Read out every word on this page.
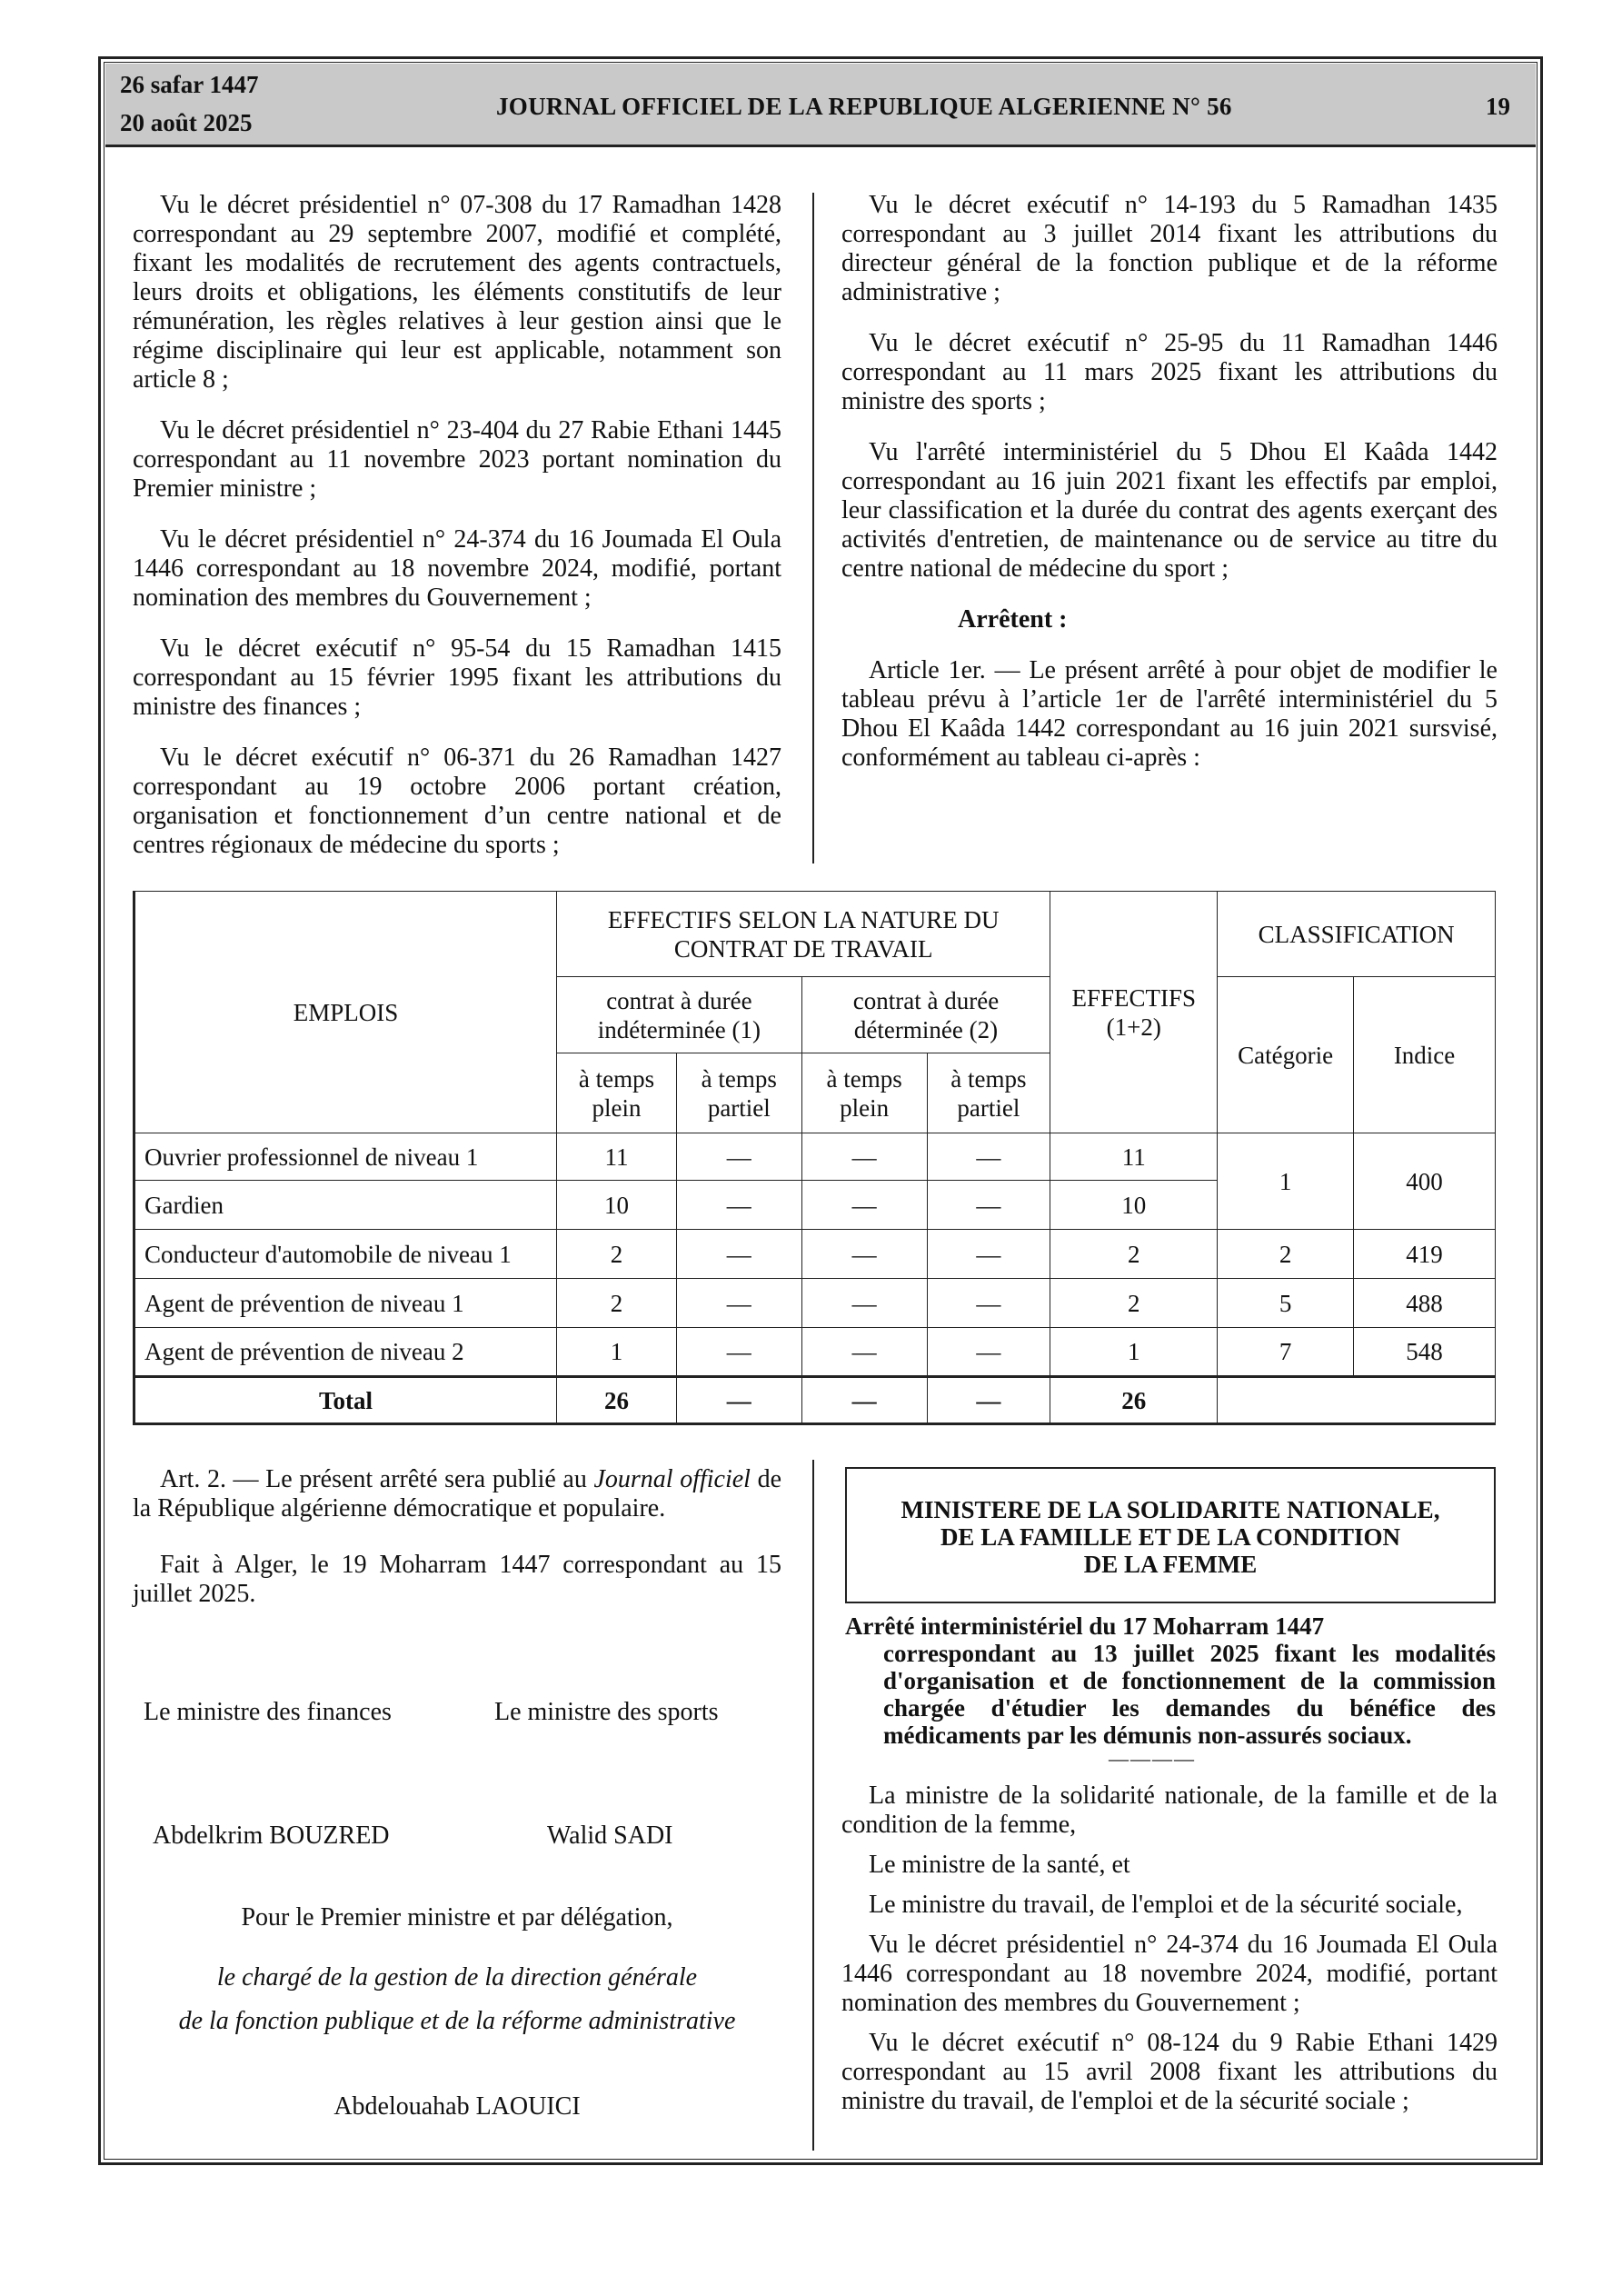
26 safar 1447
20 août 2025
JOURNAL OFFICIEL DE LA REPUBLIQUE ALGERIENNE N° 56	19

Vu le décret présidentiel n° 07-308 du 17 Ramadhan 1428 correspondant au 29 septembre 2007, modifié et complété, fixant les modalités de recrutement des agents contractuels, leurs droits et obligations, les éléments constitutifs de leur rémunération, les règles relatives à leur gestion ainsi que le régime disciplinaire qui leur est applicable, notamment son article 8 ;

Vu le décret présidentiel n° 23-404 du 27 Rabie Ethani 1445 correspondant au 11 novembre 2023 portant nomination du Premier ministre ;

Vu le décret présidentiel n° 24-374 du 16 Joumada El Oula 1446 correspondant au 18 novembre 2024, modifié, portant nomination des membres du Gouvernement ;

Vu le décret exécutif n° 95-54 du 15 Ramadhan 1415 correspondant au 15 février 1995 fixant les attributions du ministre des finances ;

Vu le décret exécutif n° 06-371 du 26 Ramadhan 1427 correspondant au 19 octobre 2006 portant création, organisation et fonctionnement d’un centre national et de centres régionaux de médecine du sports ;

Vu le décret exécutif n° 14-193 du 5 Ramadhan 1435 correspondant au 3 juillet 2014 fixant les attributions du directeur général de la fonction publique et de la réforme administrative ;

Vu le décret exécutif n° 25-95 du 11 Ramadhan 1446 correspondant au 11 mars 2025 fixant les attributions du ministre des sports ;

Vu l'arrêté interministériel du 5 Dhou El Kaâda 1442 correspondant au 16 juin 2021 fixant les effectifs par emploi, leur classification et la durée du contrat des agents exerçant des activités d'entretien, de maintenance ou de service au titre du centre national de médecine du sport ;

Arrêtent :

Article 1er. — Le présent arrêté à pour objet de modifier le tableau prévu à l’article 1er de l'arrêté interministériel du 5 Dhou El Kaâda 1442 correspondant au 16 juin 2021 sursvisé, conformément au tableau ci-après :

EMPLOIS	EFFECTIFS SELON LA NATURE DU CONTRAT DE TRAVAIL				EFFECTIFS (1+2)	CLASSIFICATION	
	contrat à durée indéterminée (1)		contrat à durée déterminée (2)			Catégorie	Indice
	à temps plein	à temps partiel	à temps plein	à temps partiel			
Ouvrier professionnel de niveau 1	11	—	—	—	11	1	400
Gardien	10	—	—	—	10		
Conducteur d'automobile de niveau 1	2	—	—	—	2	2	419
Agent de prévention de niveau 1	2	—	—	—	2	5	488
Agent de prévention de niveau 2	1	—	—	—	1	7	548
Total	26	—	—	—	26		

Art. 2. — Le présent arrêté sera publié au Journal officiel de la République algérienne démocratique et populaire.

Fait à Alger, le 19 Moharram 1447 correspondant au 15 juillet 2025.

Le ministre des finances	Le ministre des sports
Abdelkrim BOUZRED	Walid SADI
Pour le Premier ministre et par délégation,
le chargé de la gestion de la direction générale
de la fonction publique et de la réforme administrative
Abdelouahab LAOUICI
MINISTERE DE LA SOLIDARITE NATIONALE,
DE LA FAMILLE ET DE LA CONDITION
DE LA FEMME
Arrêté interministériel du 17 Moharram 1447
correspondant au 13 juillet 2025 fixant les modalités d'organisation et de fonctionnement de la commission chargée d'étudier les demandes du bénéfice des médicaments par les démunis non-assurés sociaux.
————

La ministre de la solidarité nationale, de la famille et de la condition de la femme,

Le ministre de la santé, et

Le ministre du travail, de l'emploi et de la sécurité sociale,

Vu le décret présidentiel n° 24-374 du 16 Joumada El Oula 1446 correspondant au 18 novembre 2024, modifié, portant nomination des membres du Gouvernement ;

Vu le décret exécutif n° 08-124 du 9 Rabie Ethani 1429 correspondant au 15 avril 2008 fixant les attributions du ministre du travail, de l'emploi et de la sécurité sociale ;
